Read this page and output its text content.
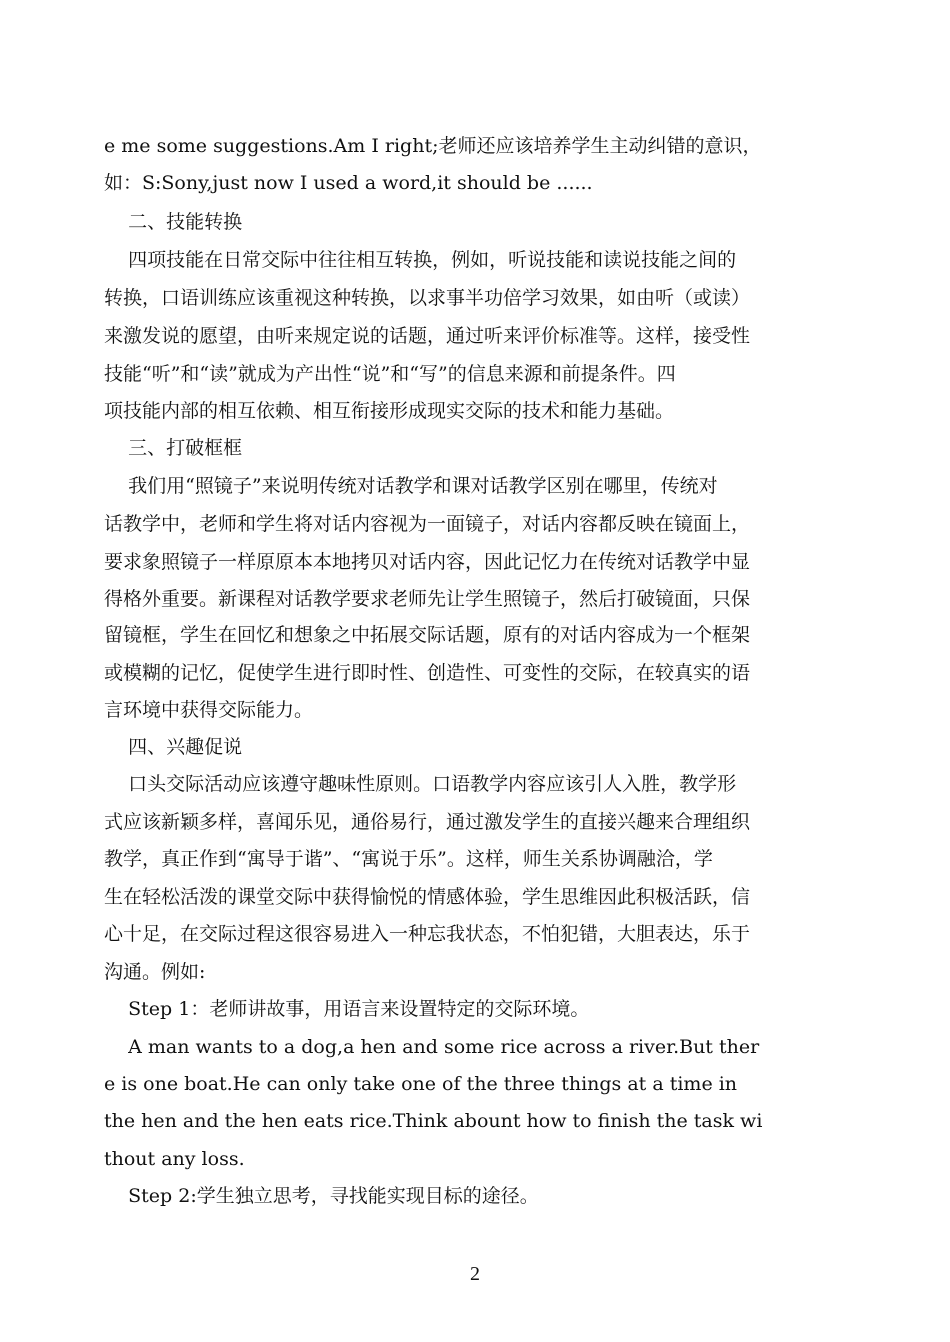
e me some suggestions.Am I right;老师还应该培养学生主动纠错的意识，
如：S:Sony,just now I used a word,it should be ......
二、技能转换
四项技能在日常交际中往往相互转换，例如，听说技能和读说技能之间的
转换，口语训练应该重视这种转换，以求事半功倍学习效果，如由听（或读）
来激发说的愿望，由听来规定说的话题，通过听来评价标准等。这样，接受性
技能“听”和“读”就成为产出性“说”和“写”的信息来源和前提条件。四
项技能内部的相互依赖、相互衔接形成现实交际的技术和能力基础。
三、打破框框
我们用“照镜子”来说明传统对话教学和课对话教学区别在哪里，传统对
话教学中，老师和学生将对话内容视为一面镜子，对话内容都反映在镜面上，
要求象照镜子一样原原本本地拷贝对话内容，因此记忆力在传统对话教学中显
得格外重要。新课程对话教学要求老师先让学生照镜子，然后打破镜面，只保
留镜框，学生在回忆和想象之中拓展交际话题，原有的对话内容成为一个框架
或模糊的记忆，促使学生进行即时性、创造性、可变性的交际，在较真实的语
言环境中获得交际能力。
四、兴趣促说
口头交际活动应该遵守趣味性原则。口语教学内容应该引人入胜，教学形
式应该新颖多样，喜闻乐见，通俗易行，通过激发学生的直接兴趣来合理组织
教学，真正作到“寓导于谐”、“寓说于乐”。这样，师生关系协调融洽，学
生在轻松活泼的课堂交际中获得愉悦的情感体验，学生思维因此积极活跃，信
心十足，在交际过程这很容易进入一种忘我状态，不怕犯错，大胆表达，乐于
沟通。例如:
Step 1：老师讲故事，用语言来设置特定的交际环境。
A man wants to a dog,a hen and some rice across a river.But ther
e is one boat.He can only take one of the three things at a time in
the hen and the hen eats rice.Think abount how to finish the task wi
thout any loss.
Step 2:学生独立思考，寻找能实现目标的途径。
2
